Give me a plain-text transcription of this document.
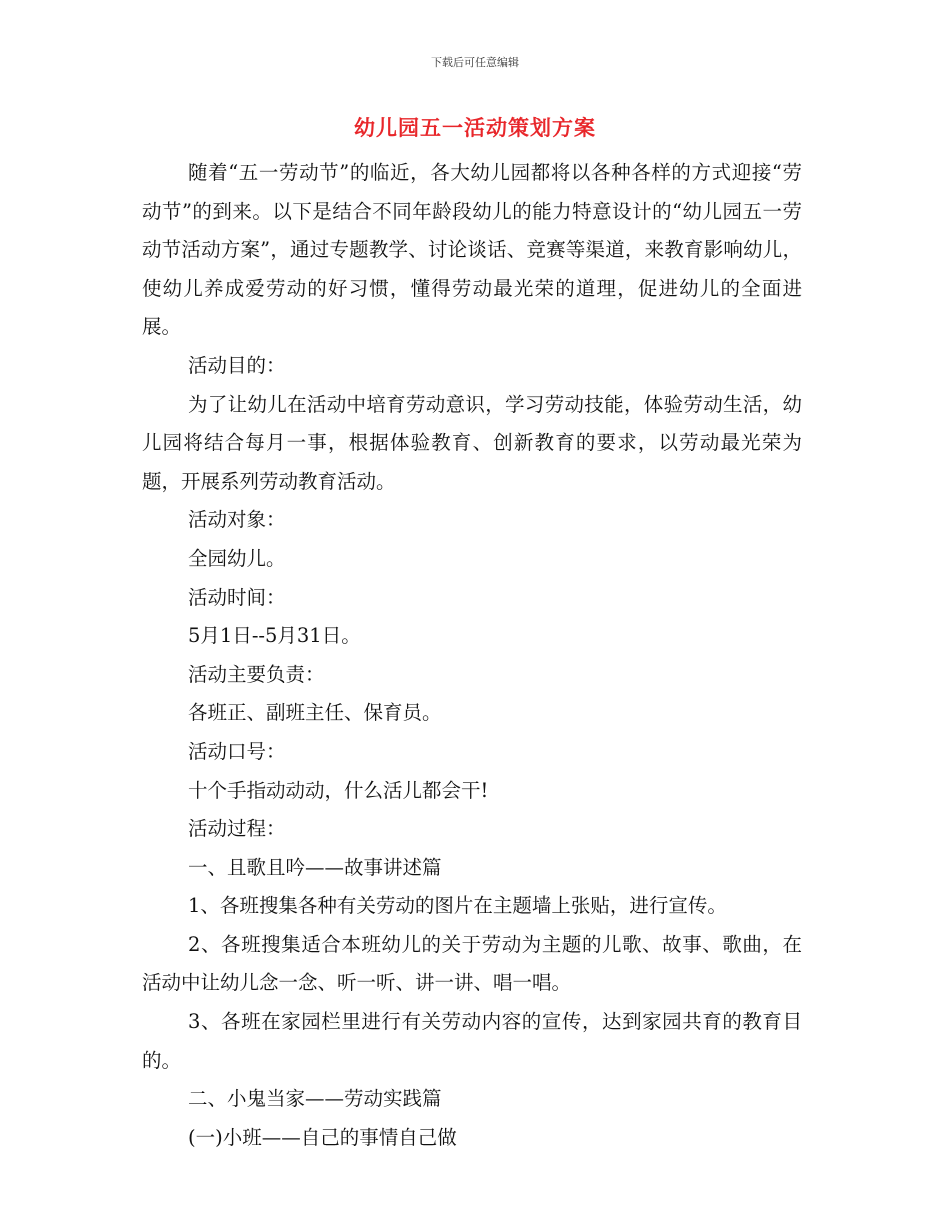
下载后可任意编辑
幼儿园五一活动策划方案

随着“五一劳动节”的临近，各大幼儿园都将以各种各样的方式迎接“劳动节”的到来。以下是结合不同年龄段幼儿的能力特意设计的“幼儿园五一劳动节活动方案”，通过专题教学、讨论谈话、竞赛等渠道，来教育影响幼儿，使幼儿养成爱劳动的好习惯，懂得劳动最光荣的道理，促进幼儿的全面进展。

活动目的：

为了让幼儿在活动中培育劳动意识，学习劳动技能，体验劳动生活，幼儿园将结合每月一事，根据体验教育、创新教育的要求，以劳动最光荣为题，开展系列劳动教育活动。

活动对象：

全园幼儿。

活动时间：

5月1日--5月31日。

活动主要负责：

各班正、副班主任、保育员。

活动口号：

十个手指动动动，什么活儿都会干!

活动过程：

一、且歌且吟——故事讲述篇

1、各班搜集各种有关劳动的图片在主题墙上张贴，进行宣传。

2、各班搜集适合本班幼儿的关于劳动为主题的儿歌、故事、歌曲，在活动中让幼儿念一念、听一听、讲一讲、唱一唱。

3、各班在家园栏里进行有关劳动内容的宣传，达到家园共育的教育目的。

二、小鬼当家——劳动实践篇

(一)小班——自己的事情自己做
